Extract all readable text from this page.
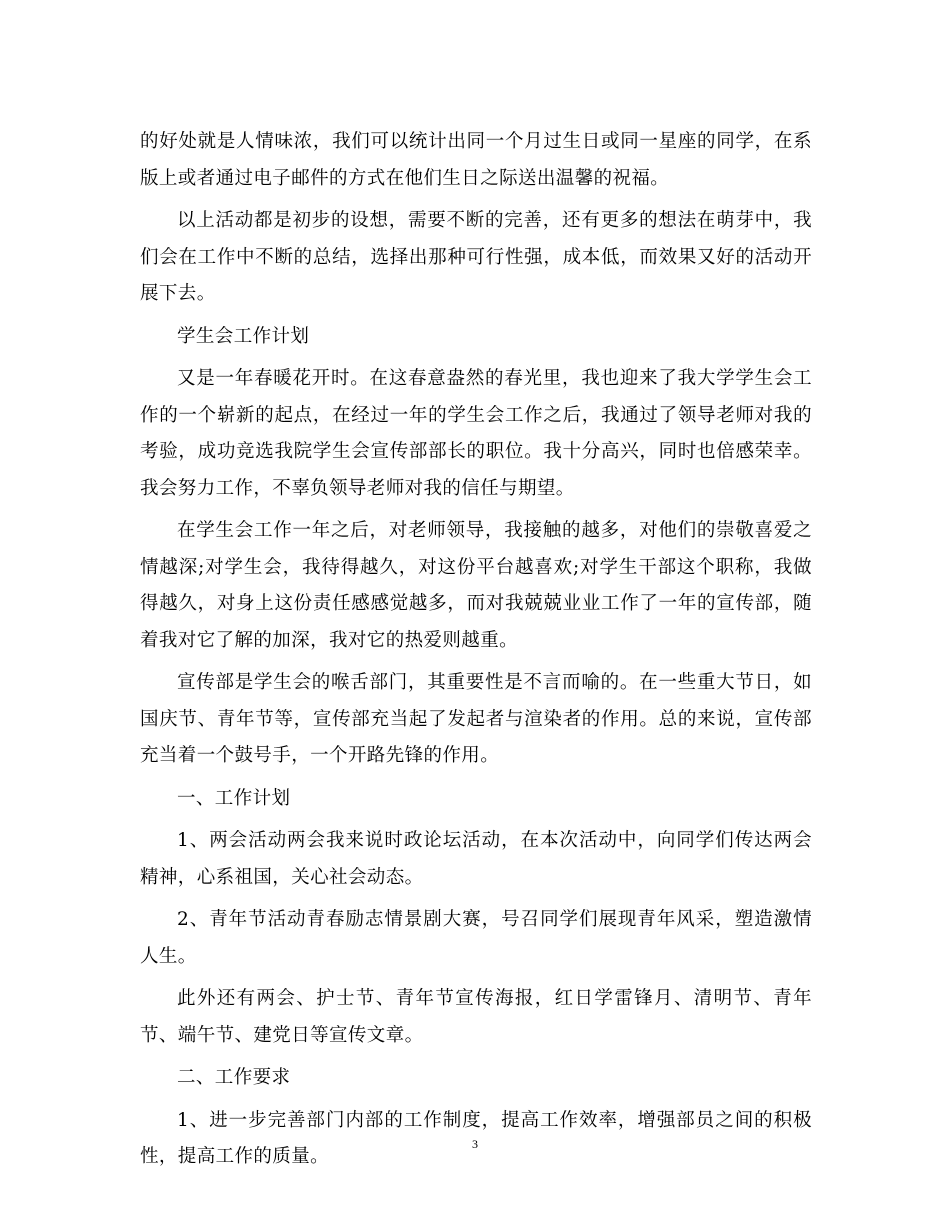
的好处就是人情味浓，我们可以统计出同一个月过生日或同一星座的同学，在系版上或者通过电子邮件的方式在他们生日之际送出温馨的祝福。

以上活动都是初步的设想，需要不断的完善，还有更多的想法在萌芽中，我们会在工作中不断的总结，选择出那种可行性强，成本低，而效果又好的活动开展下去。

学生会工作计划

又是一年春暖花开时。在这春意盎然的春光里，我也迎来了我大学学生会工作的一个崭新的起点，在经过一年的学生会工作之后，我通过了领导老师对我的考验，成功竞选我院学生会宣传部部长的职位。我十分高兴，同时也倍感荣幸。我会努力工作，不辜负领导老师对我的信任与期望。

在学生会工作一年之后，对老师领导，我接触的越多，对他们的崇敬喜爱之情越深;对学生会，我待得越久，对这份平台越喜欢;对学生干部这个职称，我做得越久，对身上这份责任感感觉越多，而对我兢兢业业工作了一年的宣传部，随着我对它了解的加深，我对它的热爱则越重。

宣传部是学生会的喉舌部门，其重要性是不言而喻的。在一些重大节日，如国庆节、青年节等，宣传部充当起了发起者与渲染者的作用。总的来说，宣传部 充当着一个鼓号手，一个开路先锋的作用。

一、工作计划

1、两会活动两会我来说时政论坛活动，在本次活动中，向同学们传达两会精神，心系祖国，关心社会动态。

2、青年节活动青春励志情景剧大赛，号召同学们展现青年风采，塑造激情人生。

此外还有两会、护士节、青年节宣传海报，红日学雷锋月、清明节、青年节、端午节、建党日等宣传文章。

二、工作要求

1、进一步完善部门内部的工作制度，提高工作效率，增强部员之间的积极性，提高工作的质量。

3
